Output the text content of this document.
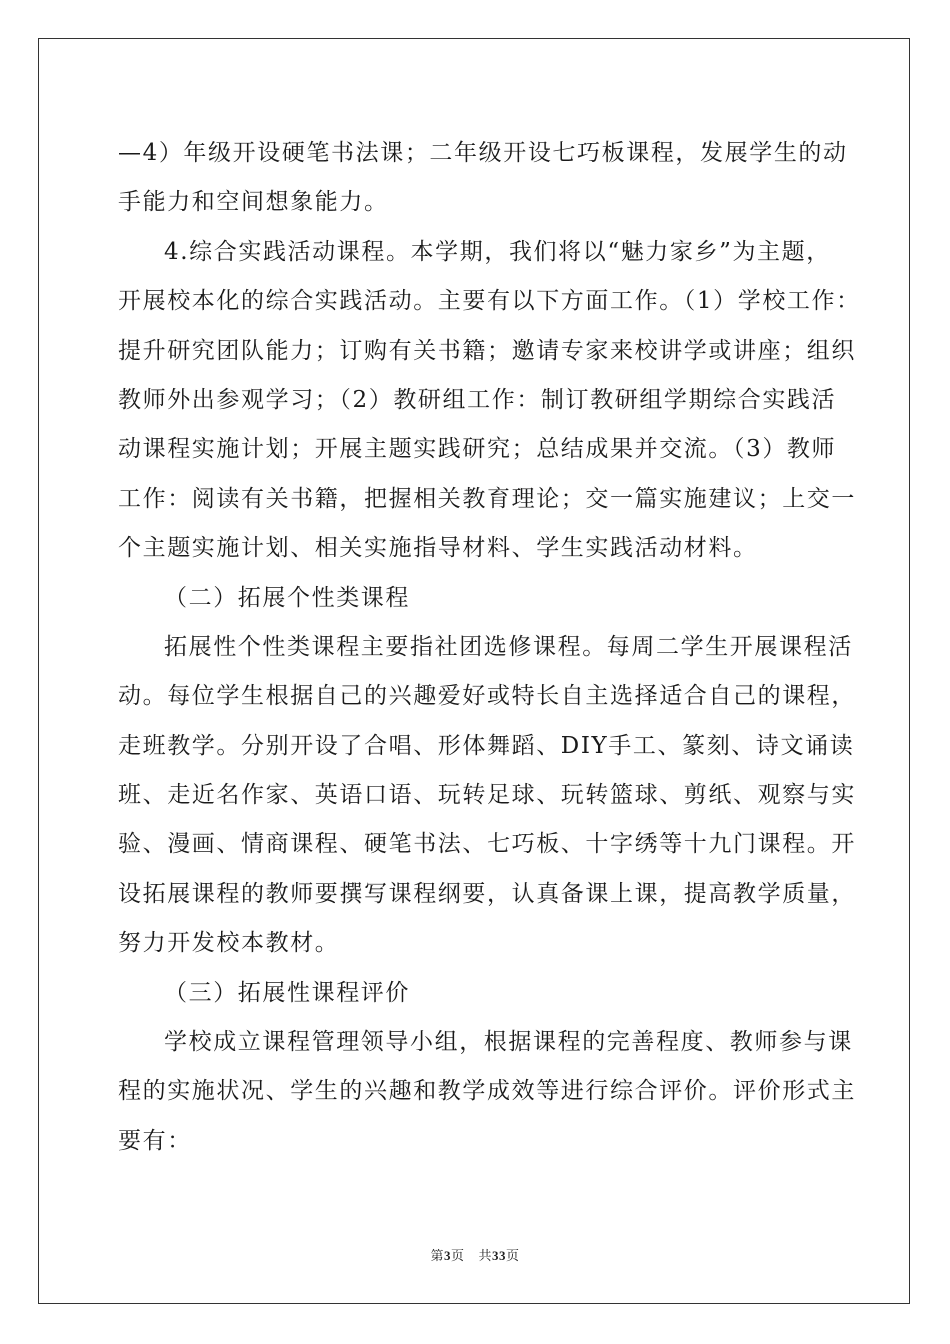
—4）年级开设硬笔书法课；二年级开设七巧板课程，发展学生的动
手能力和空间想象能力。
4.综合实践活动课程。本学期，我们将以“魅力家乡”为主题，
开展校本化的综合实践活动。主要有以下方面工作。（1）学校工作：
提升研究团队能力；订购有关书籍；邀请专家来校讲学或讲座；组织
教师外出参观学习；（2）教研组工作：制订教研组学期综合实践活
动课程实施计划；开展主题实践研究；总结成果并交流。（3）教师
工作：阅读有关书籍，把握相关教育理论；交一篇实施建议；上交一
个主题实施计划、相关实施指导材料、学生实践活动材料。
（二）拓展个性类课程
拓展性个性类课程主要指社团选修课程。每周二学生开展课程活
动。每位学生根据自己的兴趣爱好或特长自主选择适合自己的课程，
走班教学。分别开设了合唱、形体舞蹈、DIY手工、篆刻、诗文诵读
班、走近名作家、英语口语、玩转足球、玩转篮球、剪纸、观察与实
验、漫画、情商课程、硬笔书法、七巧板、十字绣等十九门课程。开
设拓展课程的教师要撰写课程纲要，认真备课上课，提高教学质量，
努力开发校本教材。
（三）拓展性课程评价
学校成立课程管理领导小组，根据课程的完善程度、教师参与课
程的实施状况、学生的兴趣和教学成效等进行综合评价。评价形式主
要有：
第3页 共33页
